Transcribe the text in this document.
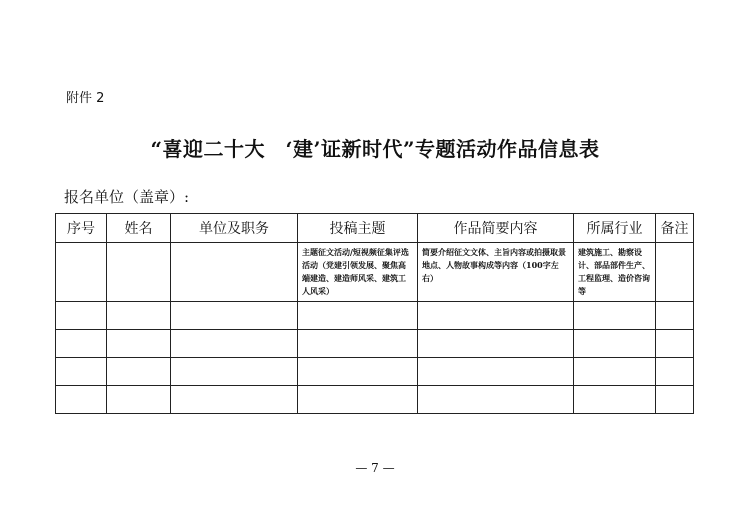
附件 2
“喜迎二十大　‘建’证新时代”专题活动作品信息表
报名单位（盖章）:
序号	姓名	单位及职务	投稿主题	作品简要内容	所属行业	备注

			主题征文活动/短视频征集评选活动（党建引领发展、聚焦高端建造、建造师风采、建筑工人风采）	简要介绍征文文体、主旨内容或拍摄取景地点、人物故事构成等内容（100字左右）	建筑施工、勘察设计、部品部件生产、工程监理、造价咨询等	

— 7 —
